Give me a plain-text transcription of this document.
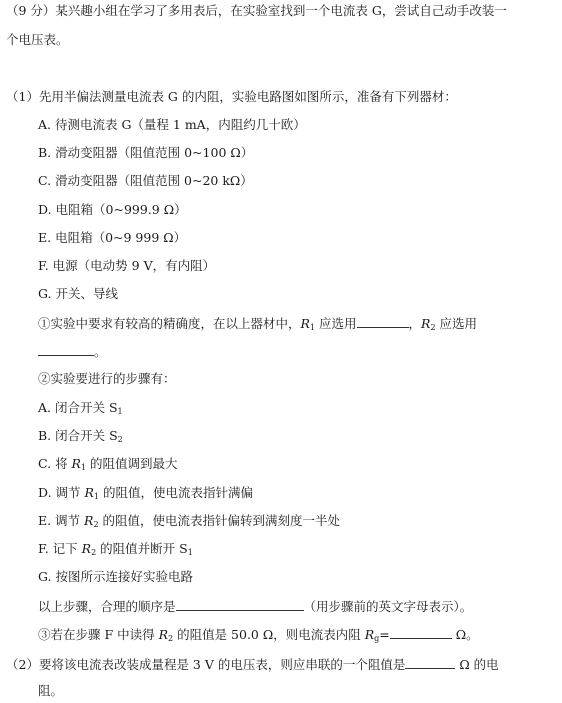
（9 分）某兴趣小组在学习了多用表后，在实验室找到一个电流表 G，尝试自己动手改装一
个电压表。
（1）先用半偏法测量电流表 G 的内阻，实验电路图如图所示，准备有下列器材：
A. 待测电流表 G（量程 1 mA，内阻约几十欧）
B. 滑动变阻器（阻值范围 0~100 Ω）
C. 滑动变阻器（阻值范围 0~20 kΩ）
D. 电阻箱（0~999.9 Ω）
E. 电阻箱（0~9 999 Ω）
F. 电源（电动势 9 V，有内阻）
G. 开关、导线
①实验中要求有较高的精确度，在以上器材中，$R_1$ 应选用	，$R_2$ 应选用
。
②实验要进行的步骤有：
A. 闭合开关 $S_1$
B. 闭合开关 $S_2$
C. 将 $R_1$ 的阻值调到最大
D. 调节 $R_1$ 的阻值，使电流表指针满偏
E. 调节 $R_2$ 的阻值，使电流表指针偏转到满刻度一半处
F. 记下 $R_2$ 的阻值并断开 $S_1$
G. 按图所示连接好实验电路
以上步骤，合理的顺序是	（用步骤前的英文字母表示）。
③若在步骤 F 中读得 $R_2$ 的阻值是 50.0 Ω，则电流表内阻 $R_g=$	Ω。
（2）要将该电流表改装成量程是 3 V 的电压表，则应串联的一个阻值是	Ω 的电
阻。
